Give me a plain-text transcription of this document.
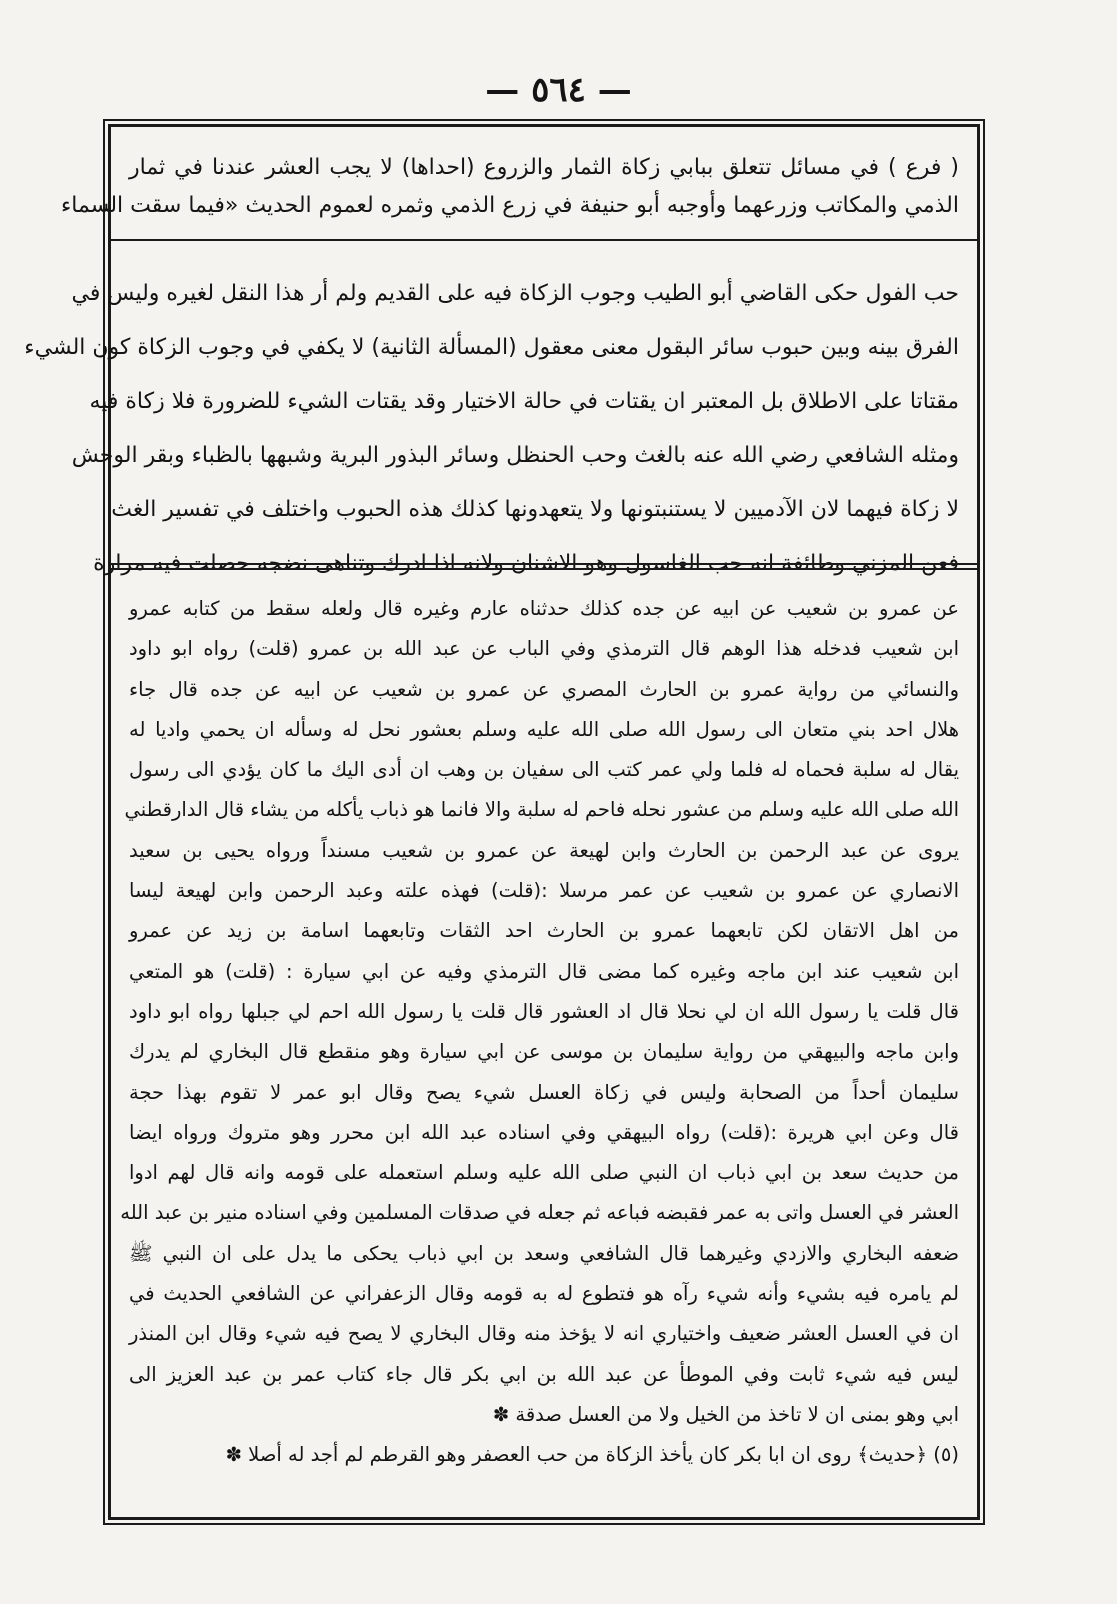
— ٥٦٤ —
( فرع ) في مسائل تتعلق ببابي زكاة الثمار والزروع (احداها) لا يجب العشر عندنا في ثمار
الذمي والمكاتب وزرعهما وأوجبه أبو حنيفة في زرع الذمي وثمره لعموم الحديث «فيما سقت السماء
حب الفول حكى القاضي أبو الطيب وجوب الزكاة فيه على القديم ولم أر هذا النقل لغيره وليس في
الفرق بينه وبين حبوب سائر البقول معنى معقول (المسألة الثانية) لا يكفي في وجوب الزكاة كون الشيء
مقتاتا على الاطلاق بل المعتبر ان يقتات في حالة الاختيار وقد يقتات الشيء للضرورة فلا زكاة فيه
ومثله الشافعي رضي الله عنه بالغث وحب الحنظل وسائر البذور البرية وشبهها بالظباء وبقر الوحش
لا زكاة فيهما لان الآدميين لا يستنبتونها ولا يتعهدونها كذلك هذه الحبوب واختلف في تفسير الغث
فعن المزني وطائفة انه حب الغاسول وهو الاشنان ولانه اذا ادرك وتناهى نضجه حصلت فيه مرارة
عن عمرو بن شعيب عن ابيه عن جده كذلك حدثناه عارم وغيره قال ولعله سقط من كتابه عمرو
ابن شعيب فدخله هذا الوهم قال الترمذي وفي الباب عن عبد الله بن عمرو (قلت) رواه ابو داود
والنسائي من رواية عمرو بن الحارث المصري عن عمرو بن شعيب عن ابيه عن جده قال جاء
هلال احد بني متعان الى رسول الله صلى الله عليه وسلم بعشور نحل له وسأله ان يحمي واديا له
يقال له سلبة فحماه له فلما ولي عمر كتب الى سفيان بن وهب ان أدى اليك ما كان يؤدي الى رسول
الله صلى الله عليه وسلم من عشور نحله فاحم له سلبة والا فانما هو ذباب يأكله من يشاء قال الدارقطني
يروى عن عبد الرحمن بن الحارث وابن لهيعة عن عمرو بن شعيب مسنداً ورواه يحيى بن سعيد
الانصاري عن عمرو بن شعيب عن عمر مرسلا :(قلت) فهذه علته وعبد الرحمن وابن لهيعة ليسا
من اهل الاتقان لكن تابعهما عمرو بن الحارث احد الثقات وتابعهما اسامة بن زيد عن عمرو
ابن شعيب عند ابن ماجه وغيره كما مضى قال الترمذي وفيه عن ابي سيارة : (قلت) هو المتعي
قال قلت يا رسول الله ان لي نحلا قال اد العشور قال قلت يا رسول الله احم لي جبلها رواه ابو داود
وابن ماجه والبيهقي من رواية سليمان بن موسى عن ابي سيارة وهو منقطع قال البخاري لم يدرك
سليمان أحداً من الصحابة وليس في زكاة العسل شيء يصح وقال ابو عمر لا تقوم بهذا حجة
قال وعن ابي هريرة :(قلت) رواه البيهقي وفي اسناده عبد الله ابن محرر وهو متروك ورواه ايضا
من حديث سعد بن ابي ذباب ان النبي صلى الله عليه وسلم استعمله على قومه وانه قال لهم ادوا
العشر في العسل واتى به عمر فقبضه فباعه ثم جعله في صدقات المسلمين وفي اسناده منير بن عبد الله
ضعفه البخاري والازدي وغيرهما قال الشافعي وسعد بن ابي ذباب يحكى ما يدل على ان النبي ﷺ
لم يامره فيه بشيء وأنه شيء رآه هو فتطوع له به قومه وقال الزعفراني عن الشافعي الحديث في
ان في العسل العشر ضعيف واختياري انه لا يؤخذ منه وقال البخاري لا يصح فيه شيء وقال ابن المنذر
ليس فيه شيء ثابت وفي الموطأ عن عبد الله بن ابي بكر قال جاء كتاب عمر بن عبد العزيز الى
ابي وهو بمنى ان لا تاخذ من الخيل ولا من العسل صدقة ✽
(٥) ﴿حديث﴾ روى ان ابا بكر كان يأخذ الزكاة من حب العصفر وهو القرطم لم أجد له أصلا ✽
